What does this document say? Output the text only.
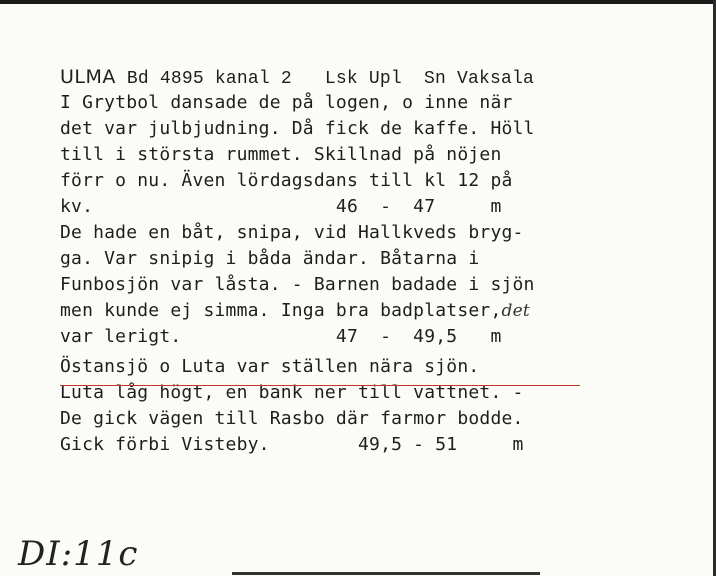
ULMA Bd 4895 kanal 2   Lsk Upl  Sn Vaksala
I Grytbol dansade de på logen, o inne när
det var julbjudning. Då fick de kaffe. Höll
till i största rummet. Skillnad på nöjen
förr o nu. Även lördagsdans till kl 12 på
kv.                      46  -  47     m
De hade en båt, snipa, vid Hallkveds bryg-
ga. Var snipig i båda ändar. Båtarna i
Funbosjön var låsta. - Barnen badade i sjön
men kunde ej simma. Inga bra badplatser,det
var lerigt.              47  -  49,5   m
Östansjö o Luta var ställen nära sjön.
Luta låg högt, en bank ner till vattnet. -
De gick vägen till Rasbo där farmor bodde.
Gick förbi Visteby.        49,5 - 51     m
DI:11c
